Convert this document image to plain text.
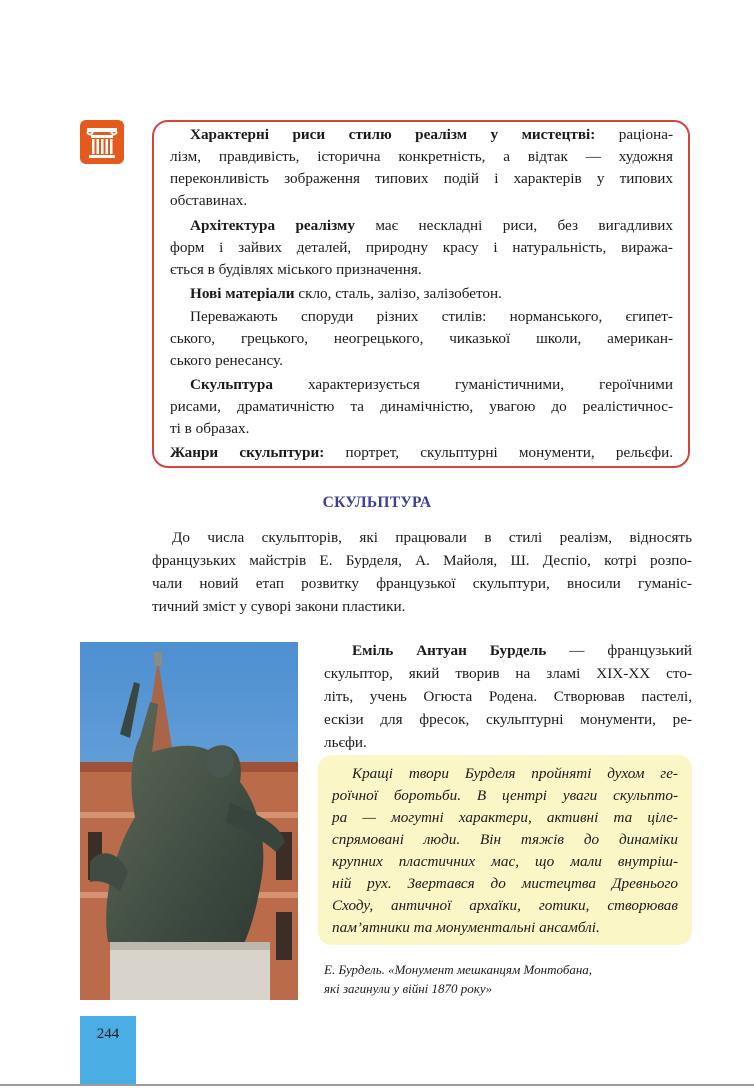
Характерні риси стилю реалізм у мистецтві: раціона-
лізм, правдивість, історична конкретність, а відтак — художня
переконливість зображення типових подій і характерів у типових
обставинах.
Архітектура реалізму має нескладні риси, без вигадливих
форм і зайвих деталей, природну красу і натуральність, виража-
ється в будівлях міського призначення.
Нові матеріали скло, сталь, залізо, залізобетон.
Переважають споруди різних стилів: норманського, єгипет-
ського, грецького, неогрецького, чиказької школи, американ-
ського ренесансу.
Скульптура характеризується гуманістичними, героїчними
рисами, драматичністю та динамічністю, увагою до реалістичнос-
ті в образах.
Жанри скульптури: портрет, скульптурні монументи, рельєфи.
СКУЛЬПТУРА
До числа скульпторів, які працювали в стилі реалізм, відносять
французьких майстрів Е. Бурделя, А. Майоля, Ш. Деспіо, котрі розпо-
чали новий етап розвитку французької скульптури, вносили гуманіс-
тичний зміст у суворі закони пластики.
Еміль Антуан Бурдель — французький
скульптор, який творив на зламі XIX-XX сто-
літь, учень Огюста Родена. Створював пастелі,
ескізи для фресок, скульптурні монументи, ре-
льєфи.
Кращі твори Бурделя пройняті духом ге-
роїчної боротьби. В центрі уваги скульпто-
ра — могутні характери, активні та ціле-
спрямовані люди. Він тяжів до динаміки
крупних пластичних мас, що мали внутріш-
ній рух. Звертався до мистецтва Древнього
Сходу, античної архаїки, готики, створював
пам’ятники та монументальні ансамблі.
Е. Бурдель. «Монумент мешканцям Монтобана,
які загинули у війні 1870 року»
244
